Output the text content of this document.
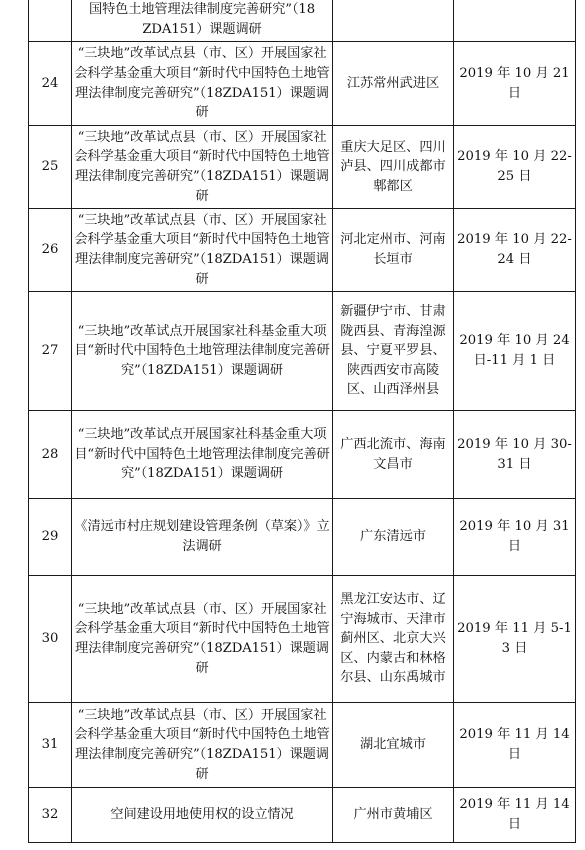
	国特色土地管理法律制度完善研究”（18ZDA151）课题调研		

24	“三块地”改革试点县（市、区）开展国家社会科学基金重大项目“新时代中国特色土地管理法律制度完善研究”（18ZDA151）课题调研	江苏常州武进区	2019 年 10 月 21 日

25	“三块地”改革试点县（市、区）开展国家社会科学基金重大项目“新时代中国特色土地管理法律制度完善研究”（18ZDA151）课题调研	重庆大足区、四川泸县、四川成都市郫都区	2019 年 10 月 22-25 日

26	“三块地”改革试点县（市、区）开展国家社会科学基金重大项目“新时代中国特色土地管理法律制度完善研究”（18ZDA151）课题调研	河北定州市、河南长垣市	2019 年 10 月 22-24 日

27	“三块地”改革试点开展国家社科基金重大项目“新时代中国特色土地管理法律制度完善研究”（18ZDA151）课题调研	新疆伊宁市、甘肃陇西县、青海湟源县、宁夏平罗县、陕西西安市高陵区、山西泽州县	2019 年 10 月 24 日-11 月 1 日

28	“三块地”改革试点开展国家社科基金重大项目“新时代中国特色土地管理法律制度完善研究”（18ZDA151）课题调研	广西北流市、海南文昌市	2019 年 10 月 30-31 日

29	《清远市村庄规划建设管理条例（草案）》立法调研	广东清远市	2019 年 10 月 31 日

30	“三块地”改革试点县（市、区）开展国家社会科学基金重大项目“新时代中国特色土地管理法律制度完善研究”（18ZDA151）课题调研	黑龙江安达市、辽宁海城市、天津市蓟州区、北京大兴区、内蒙古和林格尔县、山东禹城市	2019 年 11 月 5-13 日

31	“三块地”改革试点县（市、区）开展国家社会科学基金重大项目“新时代中国特色土地管理法律制度完善研究”（18ZDA151）课题调研	湖北宜城市	2019 年 11 月 14 日

32	空间建设用地使用权的设立情况	广州市黄埔区	2019 年 11 月 14 日
